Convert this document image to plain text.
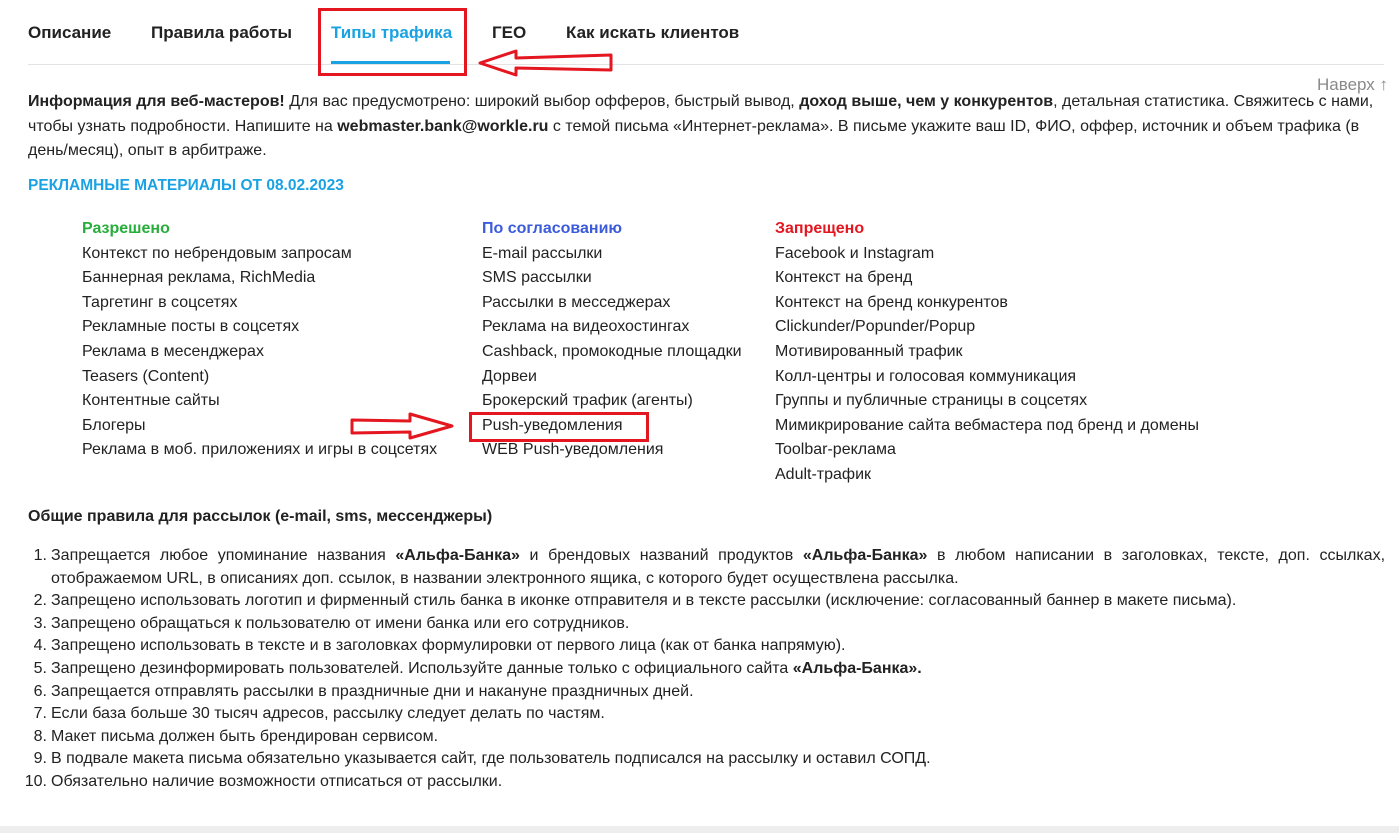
Описание Правила работы Типы трафика ГЕО Как искать клиентов
Наверх ↑
Информация для веб-мастеров! Для вас предусмотрено: широкий выбор офферов, быстрый вывод, доход выше, чем у конкурентов, детальная статистика. Свяжитесь с нами, чтобы узнать подробности. Напишите на webmaster.bank@workle.ru с темой письма «Интернет-реклама». В письме укажите ваш ID, ФИО, оффер, источник и объем трафика (в день/месяц), опыт в арбитраже.
РЕКЛАМНЫЕ МАТЕРИАЛЫ ОТ 08.02.2023
Разрешено
Контекст по небрендовым запросам
Баннерная реклама, RichMedia
Таргетинг в соцсетях
Рекламные посты в соцсетях
Реклама в месенджерах
Teasers (Content)
Контентные сайты
Блогеры
Реклама в моб. приложениях и игры в соцсетях
По согласованию
E-mail рассылки
SMS рассылки
Рассылки в месседжерах
Реклама на видеохостингах
Cashback, промокодные площадки
Дорвеи
Брокерский трафик (агенты)
Push-уведомления
WEB Push-уведомления
Запрещено
Facebook и Instagram
Контекст на бренд
Контекст на бренд конкурентов
Clickunder/Popunder/Popup
Мотивированный трафик
Колл-центры и голосовая коммуникация
Группы и публичные страницы в соцсетях
Мимикрирование сайта вебмастера под бренд и домены
Toolbar-реклама
Adult-трафик
Общие правила для рассылок (e-mail, sms, мессенджеры)
1. Запрещается любое упоминание названия «Альфа-Банка» и брендовых названий продуктов «Альфа-Банка» в любом написании в заголовках, тексте, доп. ссылках, отображаемом URL, в описаниях доп. ссылок, в названии электронного ящика, с которого будет осуществлена рассылка.
2. Запрещено использовать логотип и фирменный стиль банка в иконке отправителя и в тексте рассылки (исключение: согласованный баннер в макете письма).
3. Запрещено обращаться к пользователю от имени банка или его сотрудников.
4. Запрещено использовать в тексте и в заголовках формулировки от первого лица (как от банка напрямую).
5. Запрещено дезинформировать пользователей. Используйте данные только с официального сайта «Альфа-Банка».
6. Запрещается отправлять рассылки в праздничные дни и накануне праздничных дней.
7. Если база больше 30 тысяч адресов, рассылку следует делать по частям.
8. Макет письма должен быть брендирован сервисом.
9. В подвале макета письма обязательно указывается сайт, где пользователь подписался на рассылку и оставил СОПД.
10. Обязательно наличие возможности отписаться от рассылки.
